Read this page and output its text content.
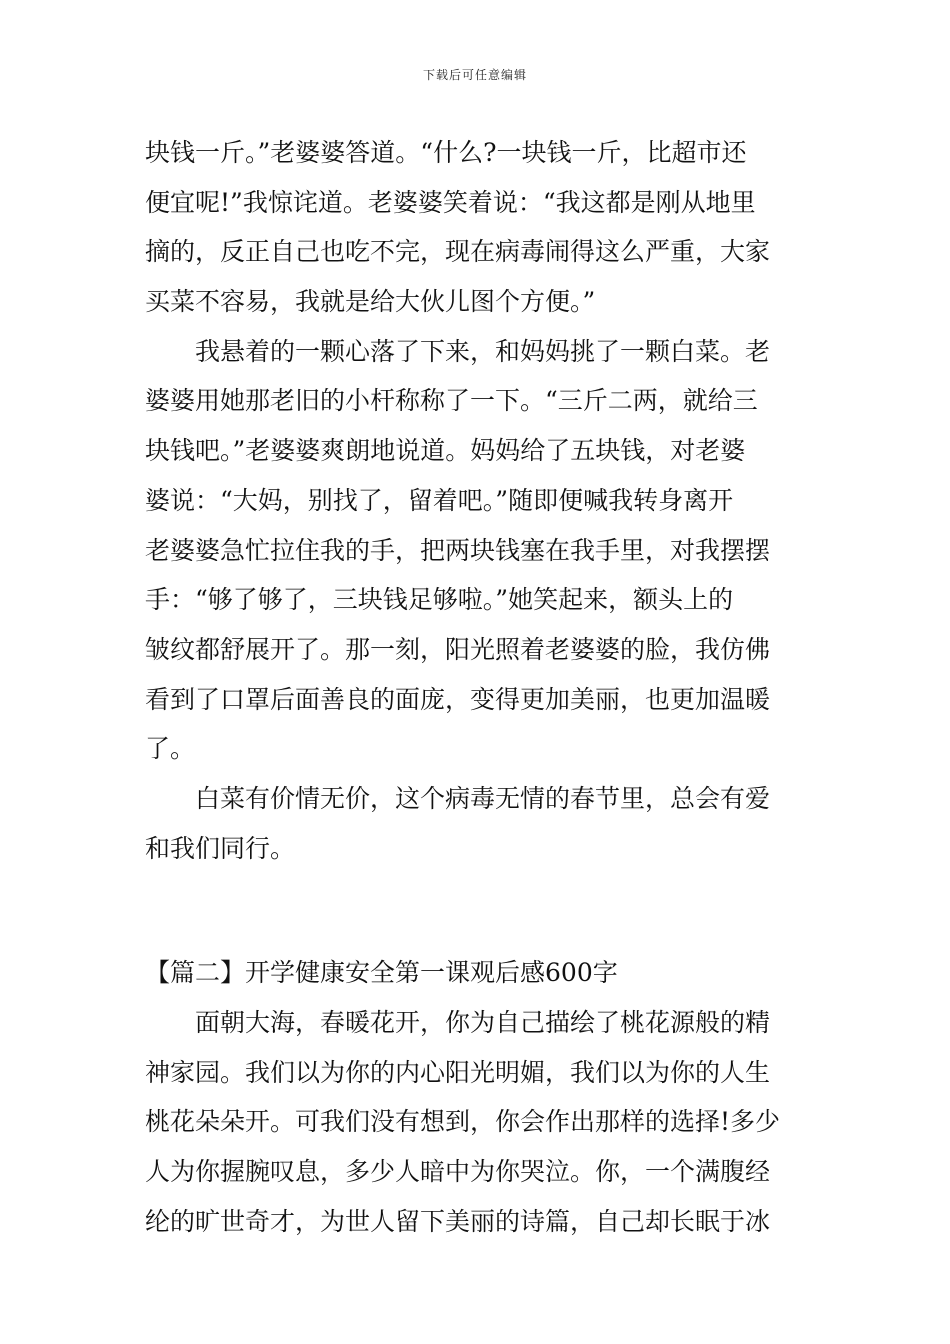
下载后可任意编辑
块钱一斤。”老婆婆答道。“什么?一块钱一斤，比超市还
便宜呢!”我惊诧道。老婆婆笑着说：“我这都是刚从地里
摘的，反正自己也吃不完，现在病毒闹得这么严重，大家
买菜不容易，我就是给大伙儿图个方便。”
我悬着的一颗心落了下来，和妈妈挑了一颗白菜。老
婆婆用她那老旧的小杆称称了一下。“三斤二两，就给三
块钱吧。”老婆婆爽朗地说道。妈妈给了五块钱，对老婆
婆说：“大妈，别找了，留着吧。”随即便喊我转身离开
老婆婆急忙拉住我的手，把两块钱塞在我手里，对我摆摆
手：“够了够了，三块钱足够啦。”她笑起来，额头上的
皱纹都舒展开了。那一刻，阳光照着老婆婆的脸，我仿佛
看到了口罩后面善良的面庞，变得更加美丽，也更加温暖
了。
白菜有价情无价，这个病毒无情的春节里，总会有爱
和我们同行。
【篇二】开学健康安全第一课观后感600字
面朝大海，春暖花开，你为自己描绘了桃花源般的精
神家园。我们以为你的内心阳光明媚，我们以为你的人生
桃花朵朵开。可我们没有想到，你会作出那样的选择!多少
人为你握腕叹息，多少人暗中为你哭泣。你，一个满腹经
纶的旷世奇才，为世人留下美丽的诗篇，自己却长眠于冰
